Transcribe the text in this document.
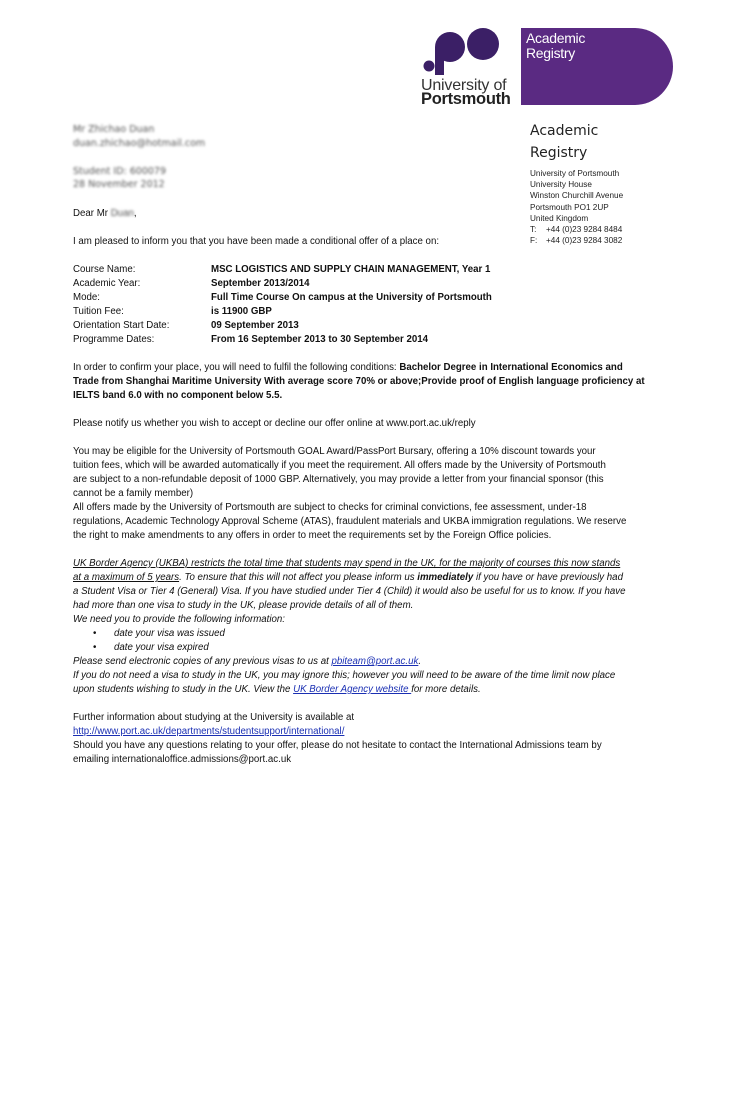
University of
Portsmouth
Academic
Registry
Mr Zhichao Duan
duan.zhichao@hotmail.com
Student ID: 600079
28 November 2012
Academic
Registry
University of Portsmouth
University House
Winston Churchill Avenue
Portsmouth PO1 2UP
United Kingdom
T:	+44 (0)23 9284 8484
F:	+44 (0)23 9284 3082
Dear Mr Duan,
I am pleased to inform you that you have been made a conditional offer of a place on:
Course Name:	MSC LOGISTICS AND SUPPLY CHAIN MANAGEMENT, Year 1
Academic Year:	September 2013/2014
Mode:	Full Time Course On campus at the University of Portsmouth
Tuition Fee:	is 11900 GBP
Orientation Start Date:	09 September 2013
Programme Dates:	From 16 September 2013 to 30 September 2014
In order to confirm your place, you will need to fulfil the following conditions: Bachelor Degree in International Economics and
Trade from Shanghai Maritime University With average score 70% or above;Provide proof of English language proficiency at
IELTS band 6.0 with no component below 5.5.
Please notify us whether you wish to accept or decline our offer online at www.port.ac.uk/reply
You may be eligible for the University of Portsmouth GOAL Award/PassPort Bursary, offering a 10% discount towards your
tuition fees, which will be awarded automatically if you meet the requirement. All offers made by the University of Portsmouth
are subject to a non-refundable deposit of 1000 GBP. Alternatively, you may provide a letter from your financial sponsor (this
cannot be a family member)
All offers made by the University of Portsmouth are subject to checks for criminal convictions, fee assessment, under-18
regulations, Academic Technology Approval Scheme (ATAS), fraudulent materials and UKBA immigration regulations. We reserve
the right to make amendments to any offers in order to meet the requirements set by the Foreign Office policies.
UK Border Agency (UKBA) restricts the total time that students may spend in the UK, for the majority of courses this now stands
at a maximum of 5 years. To ensure that this will not affect you please inform us immediately if you have or have previously had
a Student Visa or Tier 4 (General) Visa. If you have studied under Tier 4 (Child) it would also be useful for us to know. If you have
had more than one visa to study in the UK, please provide details of all of them.
We need you to provide the following information:
• date your visa was issued
• date your visa expired
Please send electronic copies of any previous visas to us at pbiteam@port.ac.uk.
If you do not need a visa to study in the UK, you may ignore this; however you will need to be aware of the time limit now place
upon students wishing to study in the UK. View the UK Border Agency website for more details.
Further information about studying at the University is available at
http://www.port.ac.uk/departments/studentsupport/international/
Should you have any questions relating to your offer, please do not hesitate to contact the International Admissions team by
emailing internationaloffice.admissions@port.ac.uk
